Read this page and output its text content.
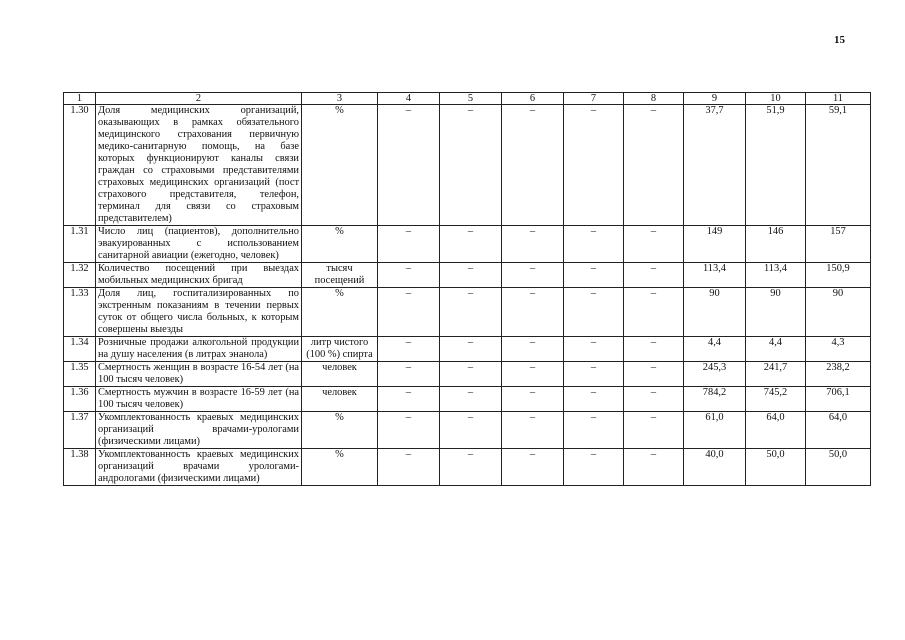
15
1	2	3	4	5	6	7	8	9	10	11
1.30	Доля медицинских организаций, оказывающих в рамках обязательного медицинского страхования первичную медико-санитарную помощь, на базе которых функционируют каналы связи граждан со страховыми представителями страховых медицинских организаций (пост страхового представителя, телефон, терминал для связи со страховым представителем)	%	–	–	–	–	–	37,7	51,9	59,1
1.31	Число лиц (пациентов), дополнительно эвакуированных с использованием санитарной авиации (ежегодно, человек)	%	–	–	–	–	–	149	146	157
1.32	Количество посещений при выездах мобильных медицинских бригад	тысяч посещений	–	–	–	–	–	113,4	113,4	150,9
1.33	Доля лиц, госпитализированных по экстренным показаниям в течении первых суток от общего числа больных, к которым совершены выезды	%	–	–	–	–	–	90	90	90
1.34	Розничные продажи алкогольной продукции на душу населения (в литрах энанола)	литр чистого (100 %) спирта	–	–	–	–	–	4,4	4,4	4,3
1.35	Смертность женщин в возрасте 16-54 лет (на 100 тысяч человек)	человек	–	–	–	–	–	245,3	241,7	238,2
1.36	Смертность мужчин в возрасте 16-59 лет (на 100 тысяч человек)	человек	–	–	–	–	–	784,2	745,2	706,1
1.37	Укомплектованность краевых медицинских организаций врачами-урологами (физическими лицами)	%	–	–	–	–	–	61,0	64,0	64,0
1.38	Укомплектованность краевых медицинских организаций врачами урологами-андрологами (физическими лицами)	%	–	–	–	–	–	40,0	50,0	50,0
